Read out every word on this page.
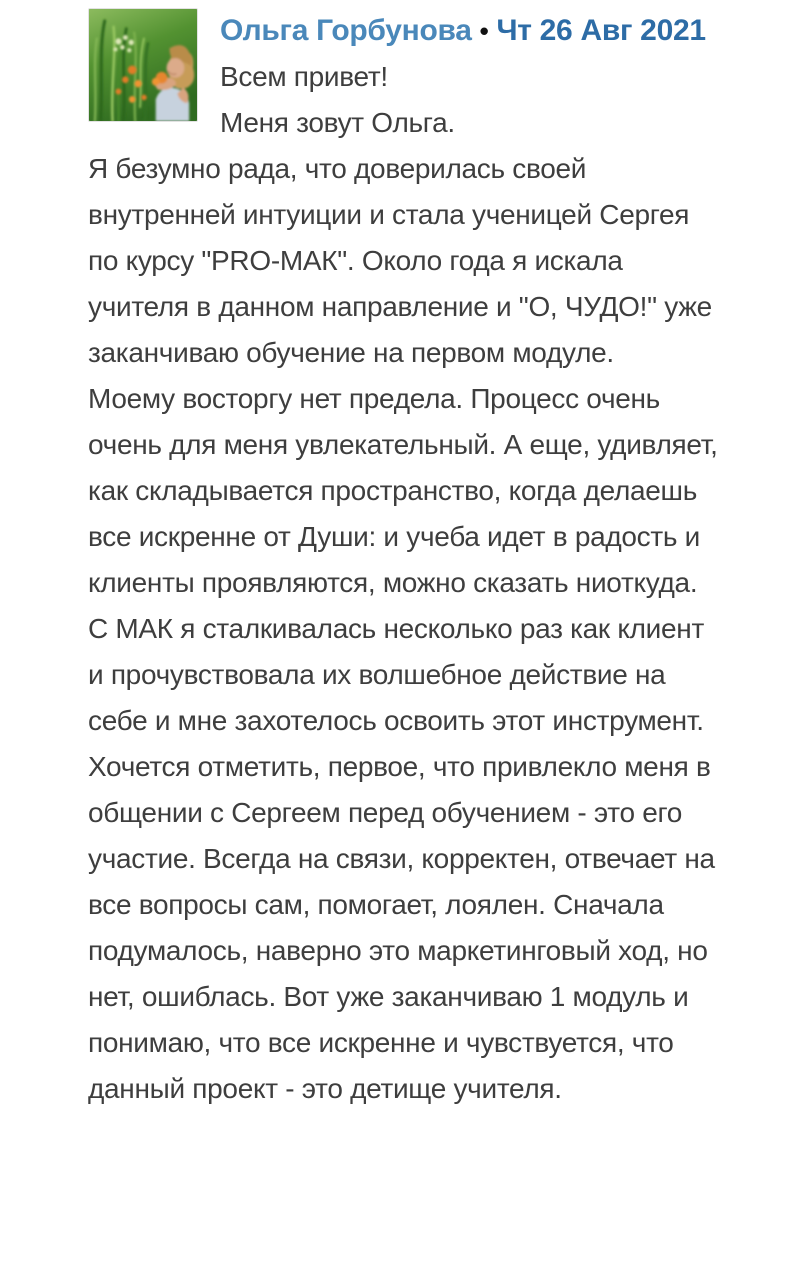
Ольга Горбунова • Чт 26 Авг 2021

Всем привет!

Меня зовут Ольга.

Я безумно рада, что доверилась своей внутренней интуиции и стала ученицей Сергея по курсу "PRO-МАК". Около года я искала учителя в данном направление и "О, ЧУДО!" уже заканчиваю обучение на первом модуле.

Моему восторгу нет предела. Процесс очень очень для меня увлекательный. А еще, удивляет, как складывается пространство, когда делаешь все искренне от Души: и учеба идет в радость и клиенты проявляются, можно сказать ниоткуда.

С МАК я сталкивалась несколько раз как клиент и прочувствовала их волшебное действие на себе и мне захотелось освоить этот инструмент.

Хочется отметить, первое, что привлекло меня в общении с Сергеем перед обучением - это его участие. Всегда на связи, корректен, отвечает на все вопросы сам, помогает, лоялен. Сначала подумалось, наверно это маркетинговый ход, но нет, ошиблась. Вот уже заканчиваю 1 модуль и понимаю, что все искренне и чувствуется, что данный проект - это детище учителя.
